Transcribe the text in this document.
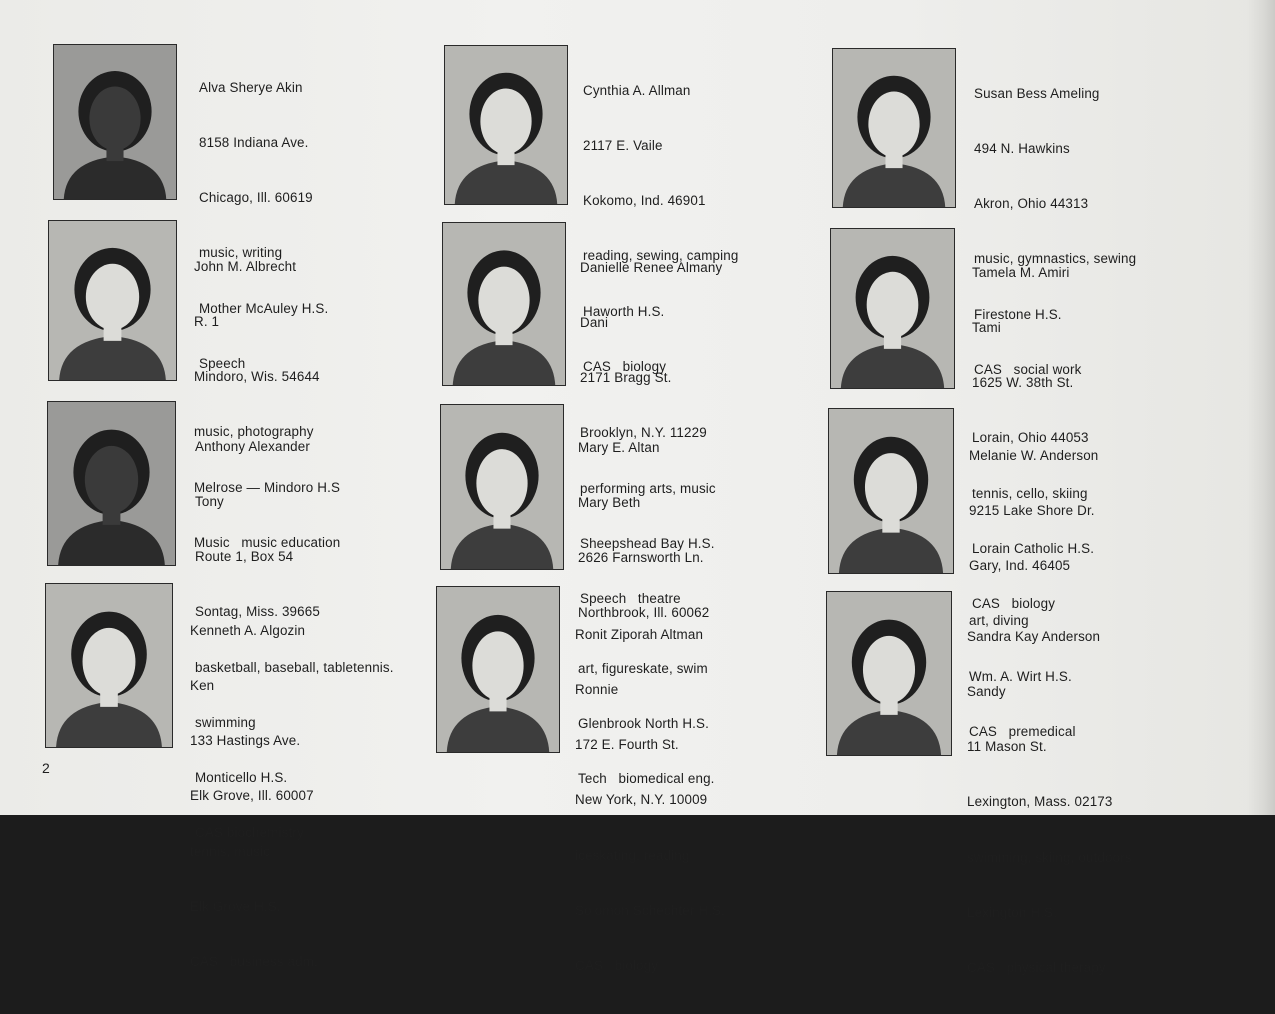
Alva Sherye Akin

8158 Indiana Ave.

Chicago, Ill. 60619

music, writing

Mother McAuley H.S.

Speech

John M. Albrecht

R. 1

Mindoro, Wis. 54644

music, photography

Melrose — Mindoro H.S

Music   music education

Anthony Alexander

Tony

Route 1, Box 54

Sontag, Miss. 39665

basketball, baseball, tabletennis.

swimming

Monticello H.S.

CAS biochemistry

Kenneth A. Algozin

Ken

133 Hastings Ave.

Elk Grove, Ill. 60007

tennis, music

Elk Grove H.S.

CAS   business adm.

Cynthia A. Allman

2117 E. Vaile

Kokomo, Ind. 46901

reading, sewing, camping

Haworth H.S.

CAS   biology

Danielle Renee Almany

Dani

2171 Bragg St.

Brooklyn, N.Y. 11229

performing arts, music

Sheepshead Bay H.S.

Speech   theatre

Mary E. Altan

Mary Beth

2626 Farnsworth Ln.

Northbrook, Ill. 60062

art, figureskate, swim

Glenbrook North H.S.

Tech   biomedical eng.

Ronit Ziporah Altman

Ronnie

172 E. Fourth St.

New York, N.Y. 10009

iceskating, reading

Solomon Schechter H.S.

CAS   biology

Susan Bess Ameling

494 N. Hawkins

Akron, Ohio 44313

music, gymnastics, sewing

Firestone H.S.

CAS   social work

Tamela M. Amiri

Tami

1625 W. 38th St.

Lorain, Ohio 44053

tennis, cello, skiing

Lorain Catholic H.S.

CAS   biology

Melanie W. Anderson

9215 Lake Shore Dr.

Gary, Ind. 46405

art, diving

Wm. A. Wirt H.S.

CAS   premedical

Sandra Kay Anderson

Sandy

11 Mason St.

Lexington, Mass. 02173

swimming, skiing, outdoors

Lexington H.S.

CAS   physical therapy

2
